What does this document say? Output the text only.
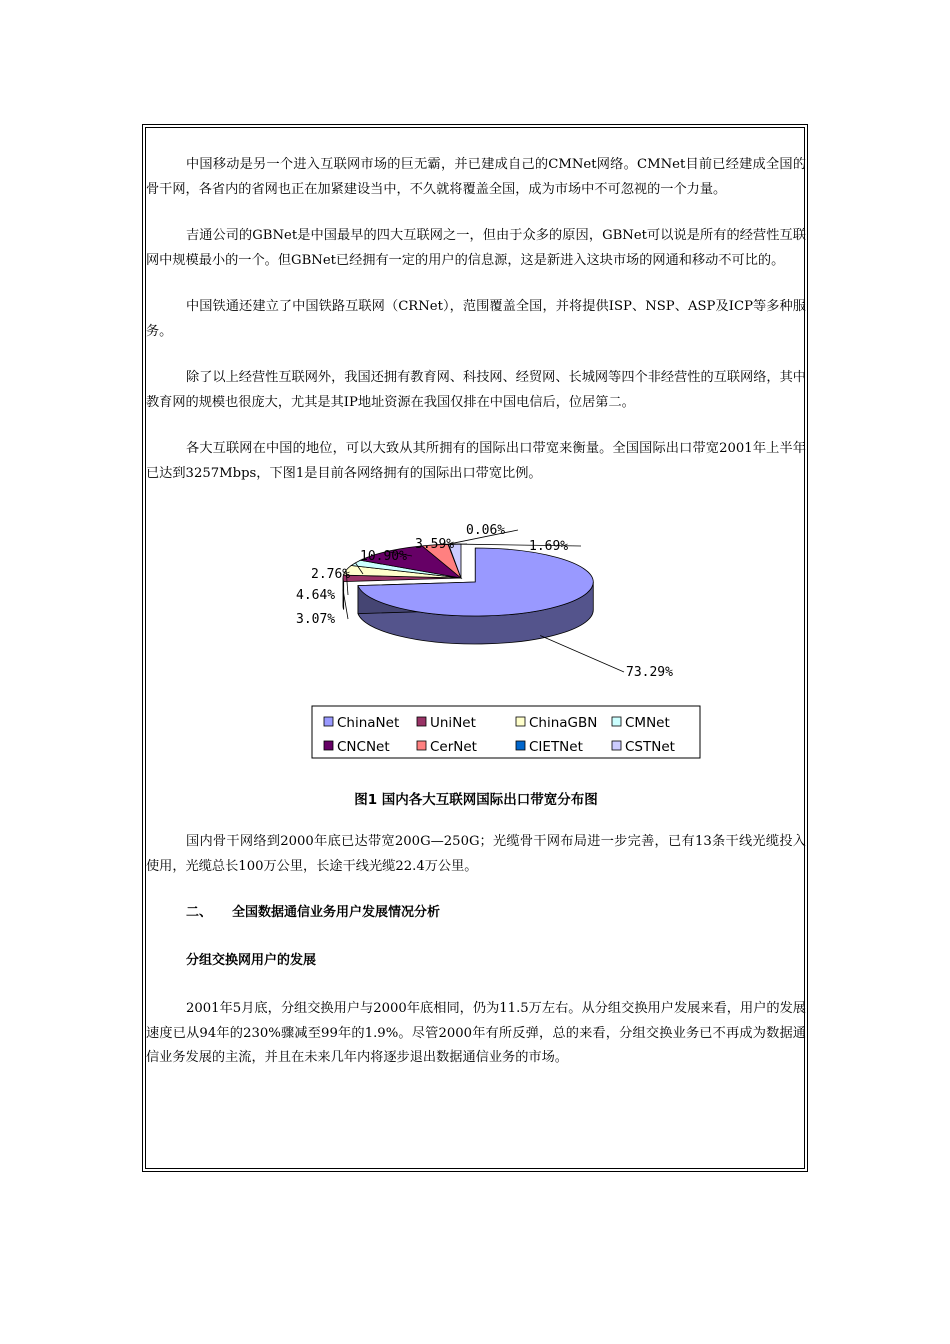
中国移动是另一个进入互联网市场的巨无霸，并已建成自己的CMNet网络。CMNet目前已经建成全国的骨干网，各省内的省网也正在加紧建设当中，不久就将覆盖全国，成为市场中不可忽视的一个力量。

吉通公司的GBNet是中国最早的四大互联网之一，但由于众多的原因，GBNet可以说是所有的经营性互联网中规模最小的一个。但GBNet已经拥有一定的用户的信息源，这是新进入这块市场的网通和移动不可比的。

中国铁通还建立了中国铁路互联网（CRNet），范围覆盖全国，并将提供ISP、NSP、ASP及ICP等多种服务。

除了以上经营性互联网外，我国还拥有教育网、科技网、经贸网、长城网等四个非经营性的互联网络，其中教育网的规模也很庞大，尤其是其IP地址资源在我国仅排在中国电信后，位居第二。

各大互联网在中国的地位，可以大致从其所拥有的国际出口带宽来衡量。全国国际出口带宽2001年上半年已达到3257Mbps，下图1是目前各网络拥有的国际出口带宽比例。

73.29%
3.07%
4.64%
2.76%
10.90%
3.59%
0.06%
1.69%
ChinaNet UniNet	ChinaGBN CMNet
CNCNet	CerNet	CIETNet	CSTNet
图1 国内各大互联网国际出口带宽分布图

国内骨干网络到2000年底已达带宽200G—250G；光缆骨干网布局进一步完善，已有13条干线光缆投入使用，光缆总长100万公里，长途干线光缆22.4万公里。

二、 全国数据通信业务用户发展情况分析
分组交换网用户的发展

2001年5月底，分组交换用户与2000年底相同，仍为11.5万左右。从分组交换用户发展来看，用户的发展速度已从94年的230%骤减至99年的1.9%。尽管2000年有所反弹，总的来看，分组交换业务已不再成为数据通信业务发展的主流，并且在未来几年内将逐步退出数据通信业务的市场。
